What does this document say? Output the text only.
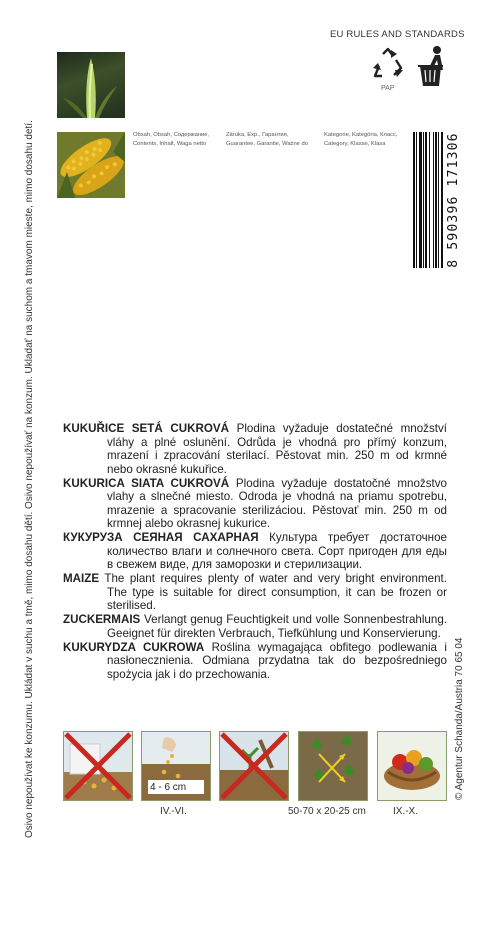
Osivo nepoužívat ke konzumu. Ukládat v suchu a tmě, mimo dosahu dětí. Osivo nepoužívať na konzum. Ukladať na suchom a tmavom mieste, mimo dosahu detí.	© Agentur Schanda/Austria 70 65 04
EU RULES AND STANDARDS
PAP
Obsah, Obsah, Содержание,
Contents, Inhalt, Waga netto
Záruka, Exp., Гарантия,
Guarantee, Garantie, Ważne do
Kategorie, Kategória, Класс,
Category, Klasse, Klasa	8 590396 171306
KUKUŘICE SETÁ CUKROVÁ Plodina vyžaduje dostatečné množství vláhy a plné oslunění. Odrůda je vhodná pro přímý konzum, mrazení i zpracování sterilací. Pěstovat min. 250 m od krmné nebo okrasné kukuřice.
KUKURICA SIATA CUKROVÁ Plodina vyžaduje dostatočné množstvo vlahy a slnečné miesto. Odroda je vhodná na priamu spotrebu, mrazenie a spracovanie sterilizáciou. Pěstovať min. 250 m od krmnej alebo okrasnej kukurice.
КУКУРУЗА СЕЯНАЯ САХАРНАЯ Культура требует достаточное количество влаги и солнечного света. Сорт пригоден для еды в свежем виде, для заморозки и стерилизации.
MAIZE The plant requires plenty of water and very bright environment. The type is suitable for direct consumption, it can be frozen or sterilised.
ZUCKERMAIS Verlangt genug Feuchtigkeit und volle Sonnenbestrahlung. Geeignet für direkten Verbrauch, Tiefkühlung und Konservierung.
KUKURYDZA CUKROWA Roślina wymagająca obfitego podlewania i nasłonecznienia. Odmiana przydatna tak do bezpośredniego spożycia jak i do przechowania.
4 - 6 cm
IV.-VI.	50-70 x 20-25 cm	IX.-X.
